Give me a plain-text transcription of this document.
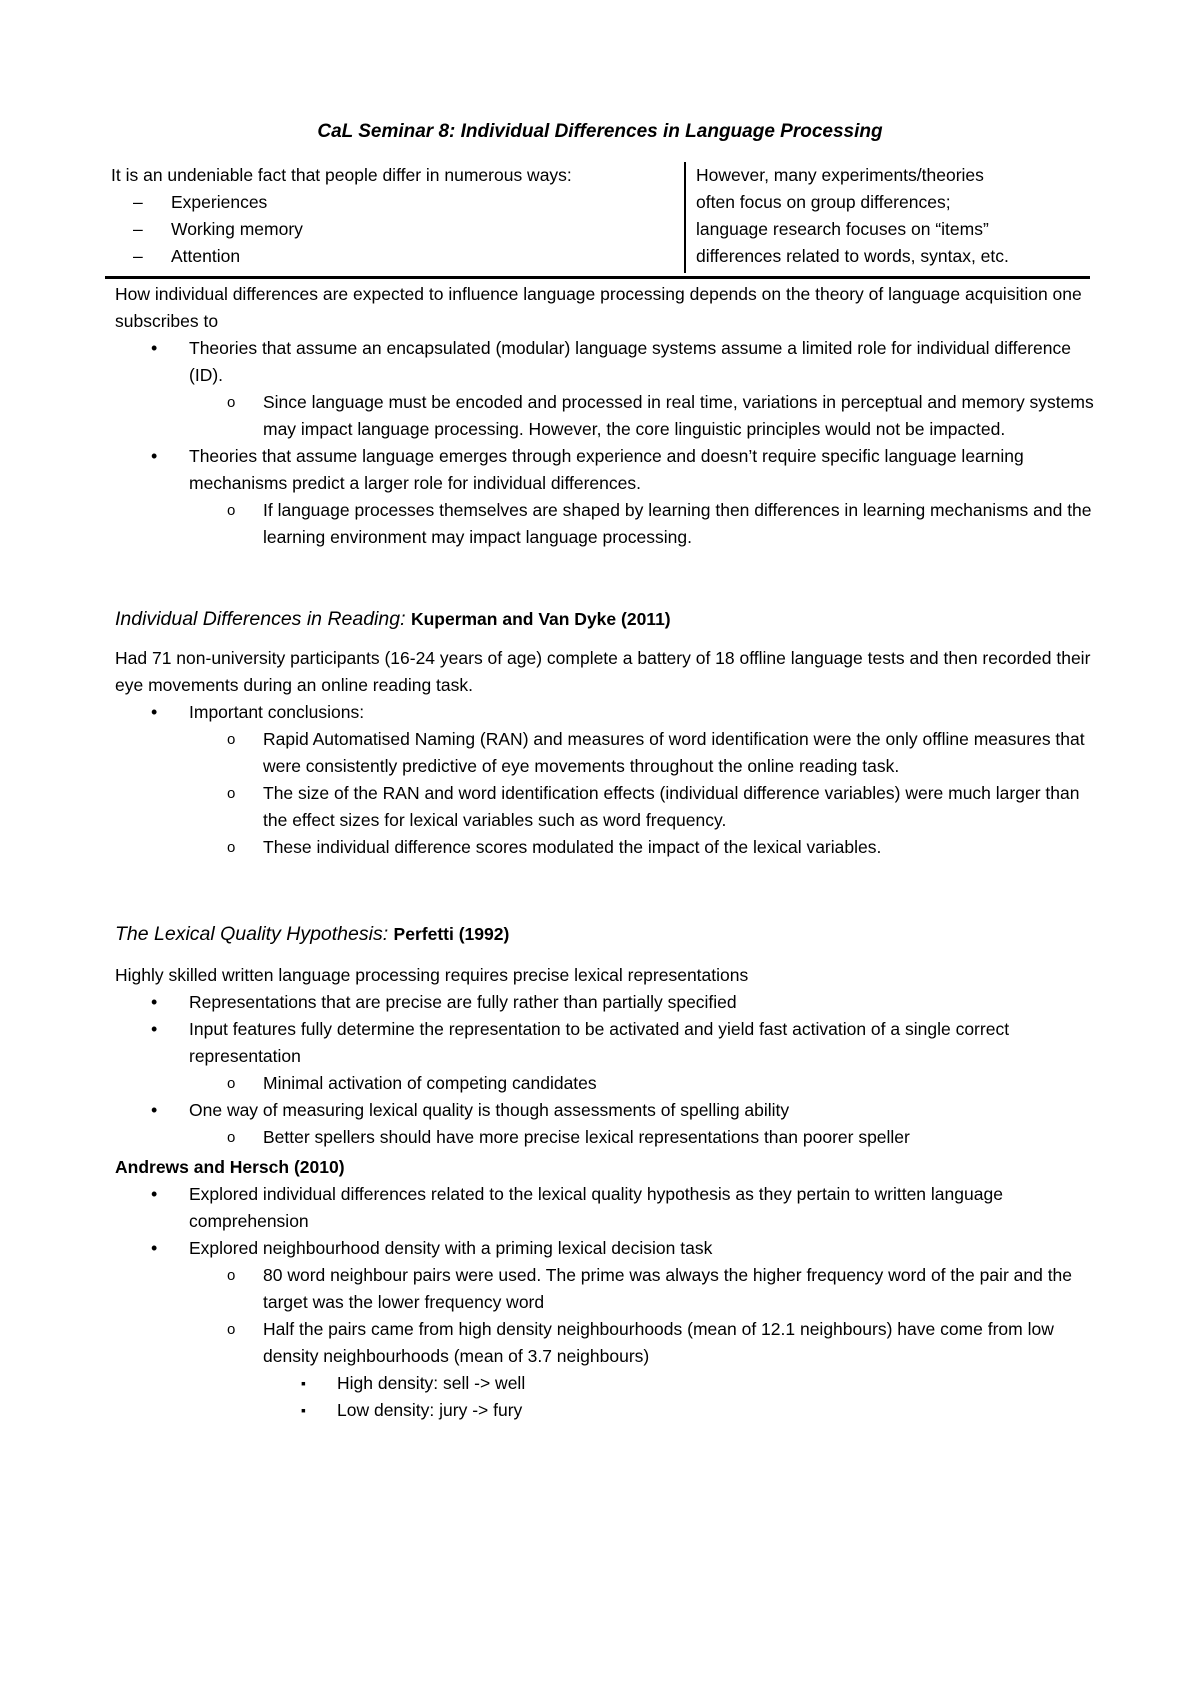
CaL Seminar 8: Individual Differences in Language Processing
It is an undeniable fact that people differ in numerous ways:
– Experiences
– Working memory
– Attention
However, many experiments/theories
often focus on group differences;
language research focuses on “items”
differences related to words, syntax, etc.

How individual differences are expected to influence language processing depends on the theory of language acquisition one subscribes to

• Theories that assume an encapsulated (modular) language systems assume a limited role for individual difference (ID).
o Since language must be encoded and processed in real time, variations in perceptual and memory systems may impact language processing. However, the core linguistic principles would not be impacted.
• Theories that assume language emerges through experience and doesn’t require specific language learning mechanisms predict a larger role for individual differences.
o If language processes themselves are shaped by learning then differences in learning mechanisms and the learning environment may impact language processing.
Individual Differences in Reading: Kuperman and Van Dyke (2011)

Had 71 non-university participants (16-24 years of age) complete a battery of 18 offline language tests and then recorded their eye movements during an online reading task.

• Important conclusions:
o Rapid Automatised Naming (RAN) and measures of word identification were the only offline measures that were consistently predictive of eye movements throughout the online reading task.
o The size of the RAN and word identification effects (individual difference variables) were much larger than the effect sizes for lexical variables such as word frequency.
o These individual difference scores modulated the impact of the lexical variables.
The Lexical Quality Hypothesis: Perfetti (1992)

Highly skilled written language processing requires precise lexical representations

• Representations that are precise are fully rather than partially specified
• Input features fully determine the representation to be activated and yield fast activation of a single correct representation
o Minimal activation of competing candidates
• One way of measuring lexical quality is though assessments of spelling ability
o Better spellers should have more precise lexical representations than poorer speller
Andrews and Hersch (2010)
• Explored individual differences related to the lexical quality hypothesis as they pertain to written language comprehension
• Explored neighbourhood density with a priming lexical decision task
o 80 word neighbour pairs were used. The prime was always the higher frequency word of the pair and the target was the lower frequency word
o Half the pairs came from high density neighbourhoods (mean of 12.1 neighbours) have come from low density neighbourhoods (mean of 3.7 neighbours)
▪ High density: sell -> well
▪ Low density: jury -> fury
